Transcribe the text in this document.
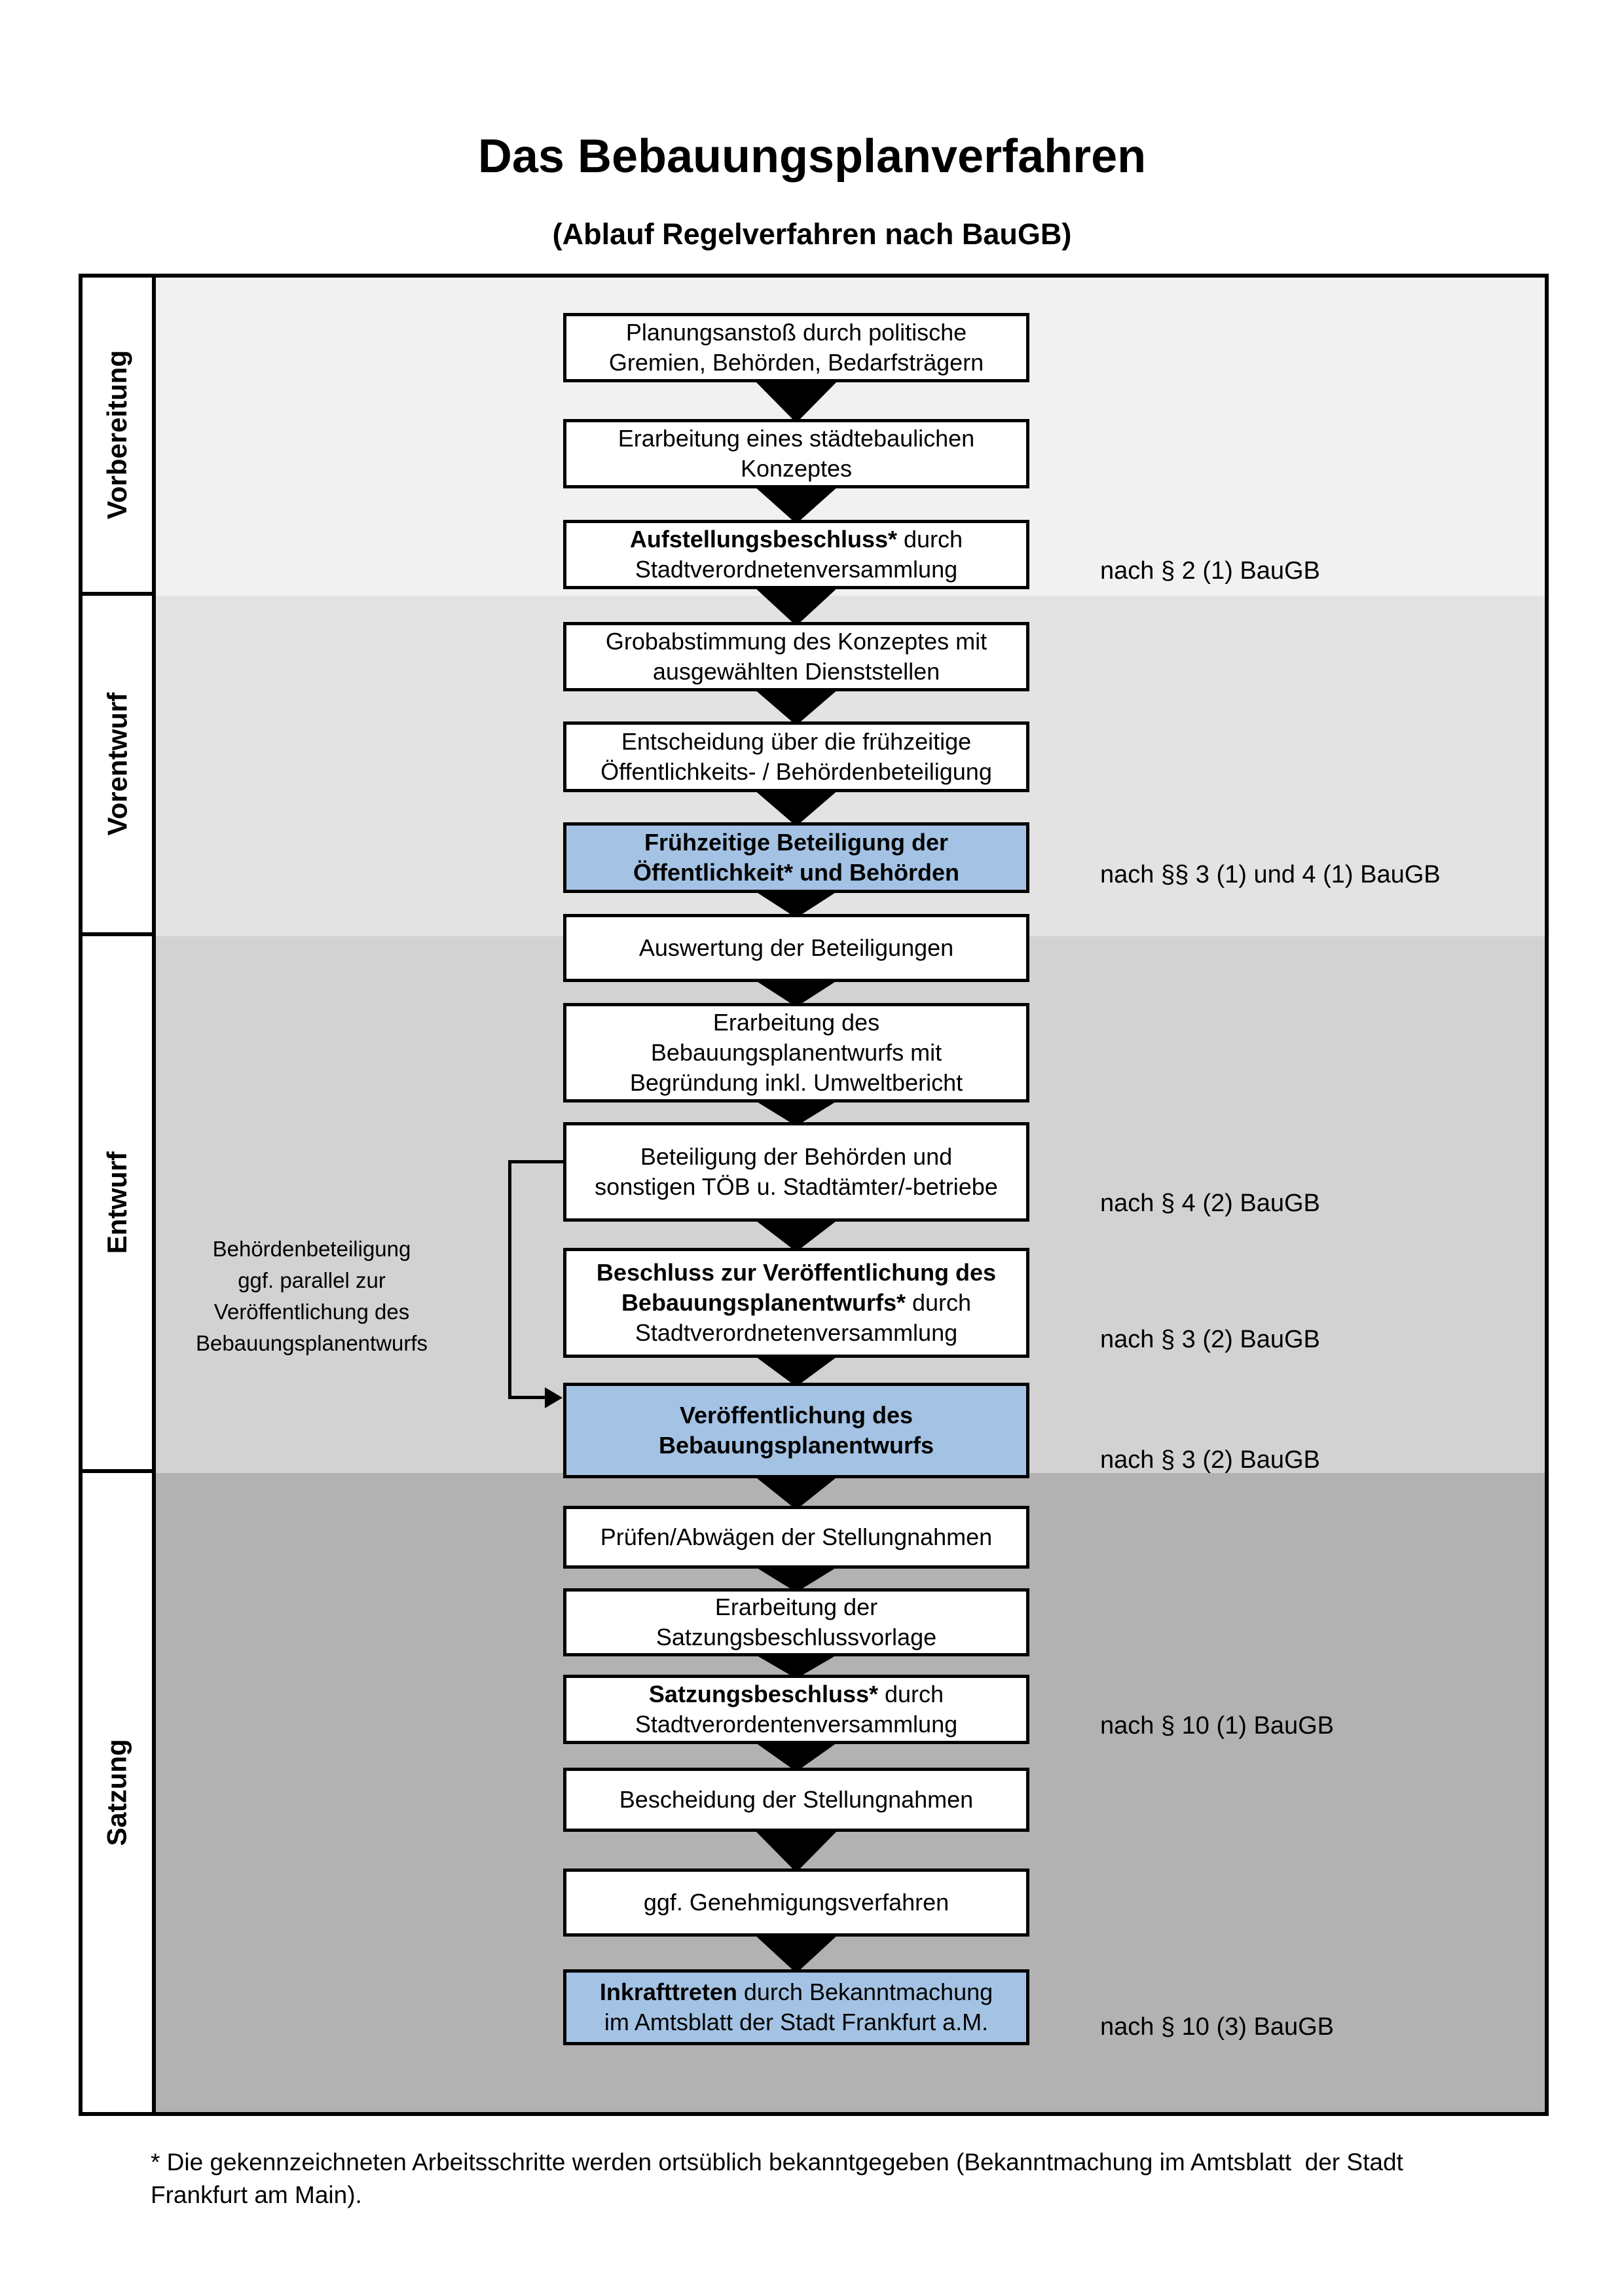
Das Bebauungsplanverfahren
(Ablauf Regelverfahren nach BauGB)
Vorbereitung
Vorentwurf
Entwurf
Satzung
Behördenbeteiligung
ggf. parallel zur
Veröffentlichung des
Bebauungsplanentwurfs
Planungsanstoß durch politische
Gremien, Behörden, Bedarfsträgern
Erarbeitung eines städtebaulichen
Konzeptes
Aufstellungsbeschluss* durch
Stadtverordnetenversammlung	nach § 2 (1) BauGB
Grobabstimmung des Konzeptes mit
ausgewählten Dienststellen
Entscheidung über die frühzeitige
Öffentlichkeits- / Behördenbeteiligung
Frühzeitige Beteiligung der
Öffentlichkeit* und Behörden	nach §§ 3 (1) und 4 (1) BauGB
Auswertung der Beteiligungen
Erarbeitung des
Bebauungsplanentwurfs mit
Begründung inkl. Umweltbericht
Beteiligung der Behörden und
sonstigen TÖB u. Stadtämter/-betriebe
nach § 4 (2) BauGB
Beschluss zur Veröffentlichung des
Bebauungsplanentwurfs* durch
Stadtverordnetenversammlung	nach § 3 (2) BauGB
Veröffentlichung des
Bebauungsplanentwurfs
nach § 3 (2) BauGB
Prüfen/Abwägen der Stellungnahmen
Erarbeitung der
Satzungsbeschlussvorlage
Satzungsbeschluss* durch
Stadtverordentenversammlung	nach § 10 (1) BauGB
Bescheidung der Stellungnahmen
ggf. Genehmigungsverfahren
Inkrafttreten durch Bekanntmachung
im Amtsblatt der Stadt Frankfurt a.M.	nach § 10 (3) BauGB
* Die gekennzeichneten Arbeitsschritte werden ortsüblich bekanntgegeben (Bekanntmachung im Amtsblatt  der Stadt
Frankfurt am Main).
